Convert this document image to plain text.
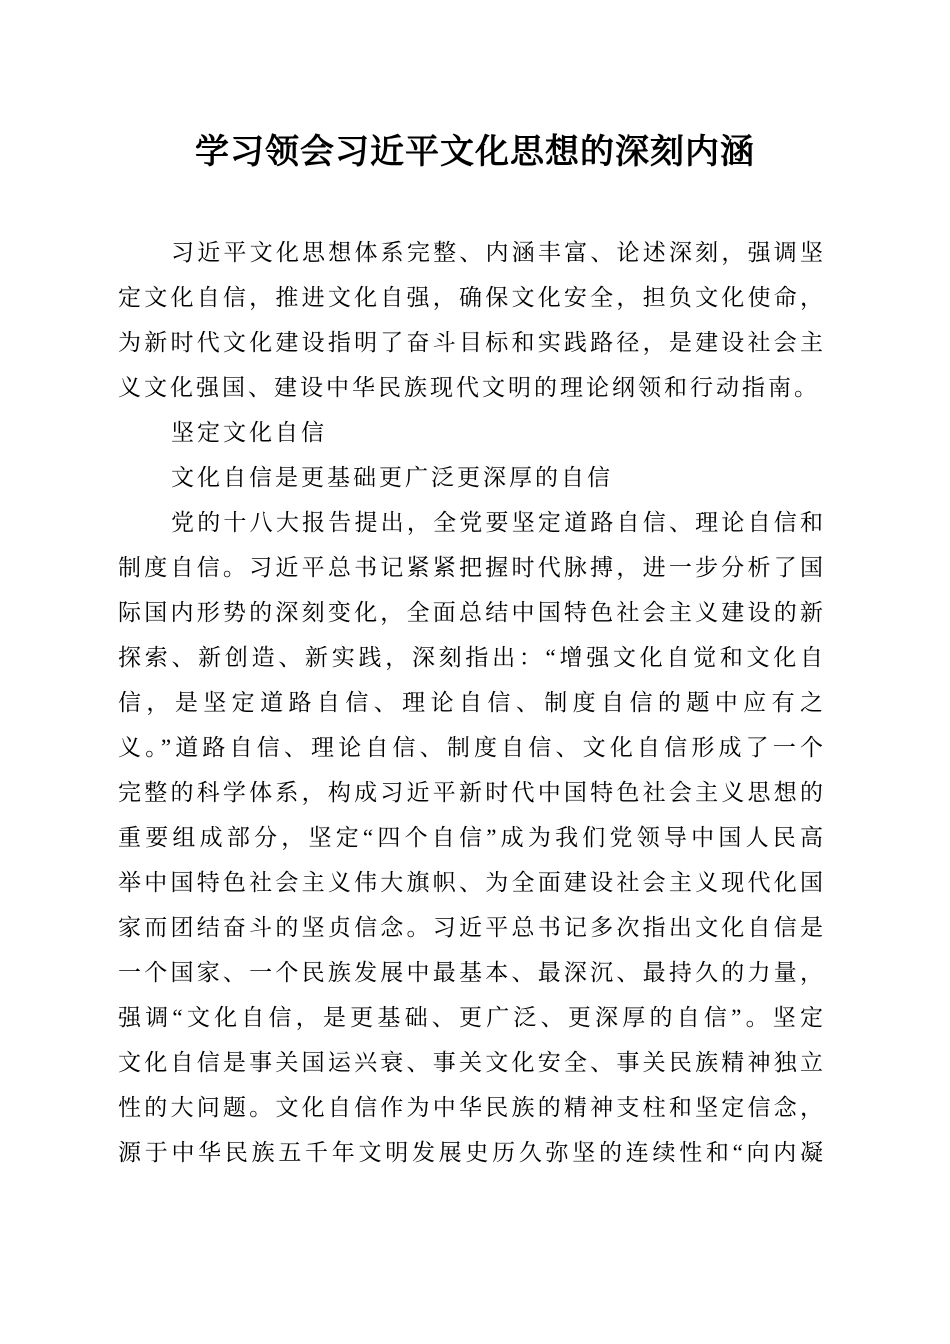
学习领会习近平文化思想的深刻内涵
习近平文化思想体系完整、内涵丰富、论述深刻，强调坚
定文化自信，推进文化自强，确保文化安全，担负文化使命，
为新时代文化建设指明了奋斗目标和实践路径，是建设社会主
义文化强国、建设中华民族现代文明的理论纲领和行动指南。
坚定文化自信
文化自信是更基础更广泛更深厚的自信
党的十八大报告提出，全党要坚定道路自信、理论自信和
制度自信。习近平总书记紧紧把握时代脉搏，进一步分析了国
际国内形势的深刻变化，全面总结中国特色社会主义建设的新
探索、新创造、新实践，深刻指出：“增强文化自觉和文化自
信，是坚定道路自信、理论自信、制度自信的题中应有之
义。”道路自信、理论自信、制度自信、文化自信形成了一个
完整的科学体系，构成习近平新时代中国特色社会主义思想的
重要组成部分，坚定“四个自信”成为我们党领导中国人民高
举中国特色社会主义伟大旗帜、为全面建设社会主义现代化国
家而团结奋斗的坚贞信念。习近平总书记多次指出文化自信是
一个国家、一个民族发展中最基本、最深沉、最持久的力量，
强调“文化自信，是更基础、更广泛、更深厚的自信”。坚定
文化自信是事关国运兴衰、事关文化安全、事关民族精神独立
性的大问题。文化自信作为中华民族的精神支柱和坚定信念，
源于中华民族五千年文明发展史历久弥坚的连续性和“向内凝
